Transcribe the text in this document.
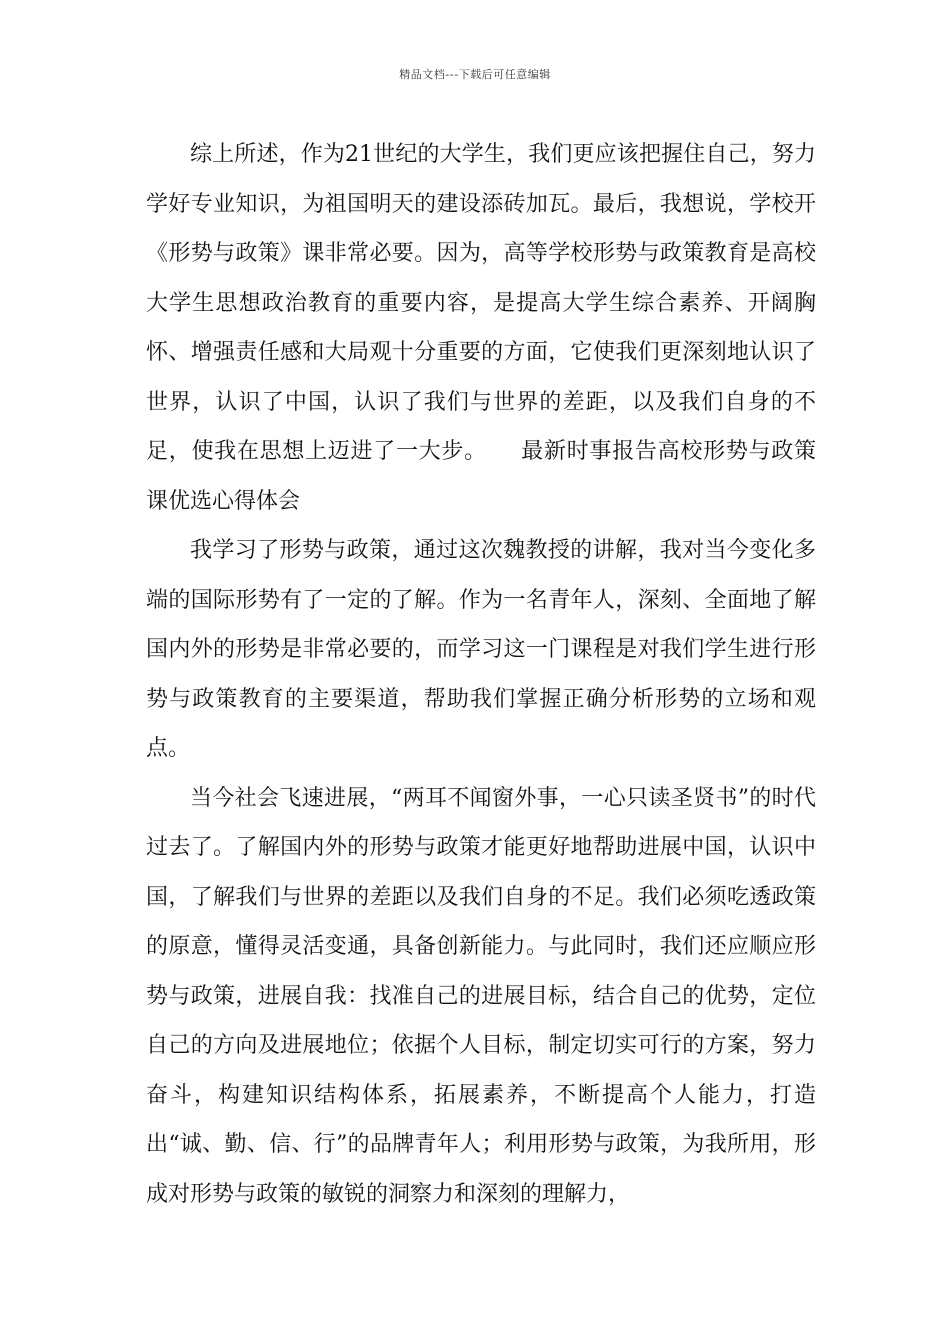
精品文档---下载后可任意编辑

综上所述，作为21世纪的大学生，我们更应该把握住自己，努力学好专业知识，为祖国明天的建设添砖加瓦。最后，我想说，学校开《形势与政策》课非常必要。因为，高等学校形势与政策教育是高校大学生思想政治教育的重要内容，是提高大学生综合素养、开阔胸怀、增强责任感和大局观十分重要的方面，它使我们更深刻地认识了世界，认识了中国，认识了我们与世界的差距，以及我们自身的不足，使我在思想上迈进了一大步。　　最新时事报告高校形势与政策课优选心得体会

我学习了形势与政策，通过这次魏教授的讲解，我对当今变化多端的国际形势有了一定的了解。作为一名青年人，深刻、全面地了解国内外的形势是非常必要的，而学习这一门课程是对我们学生进行形势与政策教育的主要渠道，帮助我们掌握正确分析形势的立场和观点。

当今社会飞速进展，“两耳不闻窗外事，一心只读圣贤书”的时代过去了。了解国内外的形势与政策才能更好地帮助进展中国，认识中国，了解我们与世界的差距以及我们自身的不足。我们必须吃透政策的原意，懂得灵活变通，具备创新能力。与此同时，我们还应顺应形势与政策，进展自我：找准自己的进展目标，结合自己的优势，定位自己的方向及进展地位；依据个人目标，制定切实可行的方案，努力奋斗，构建知识结构体系，拓展素养，不断提高个人能力，打造出“诚、勤、信、行”的品牌青年人；利用形势与政策，为我所用，形成对形势与政策的敏锐的洞察力和深刻的理解力，
